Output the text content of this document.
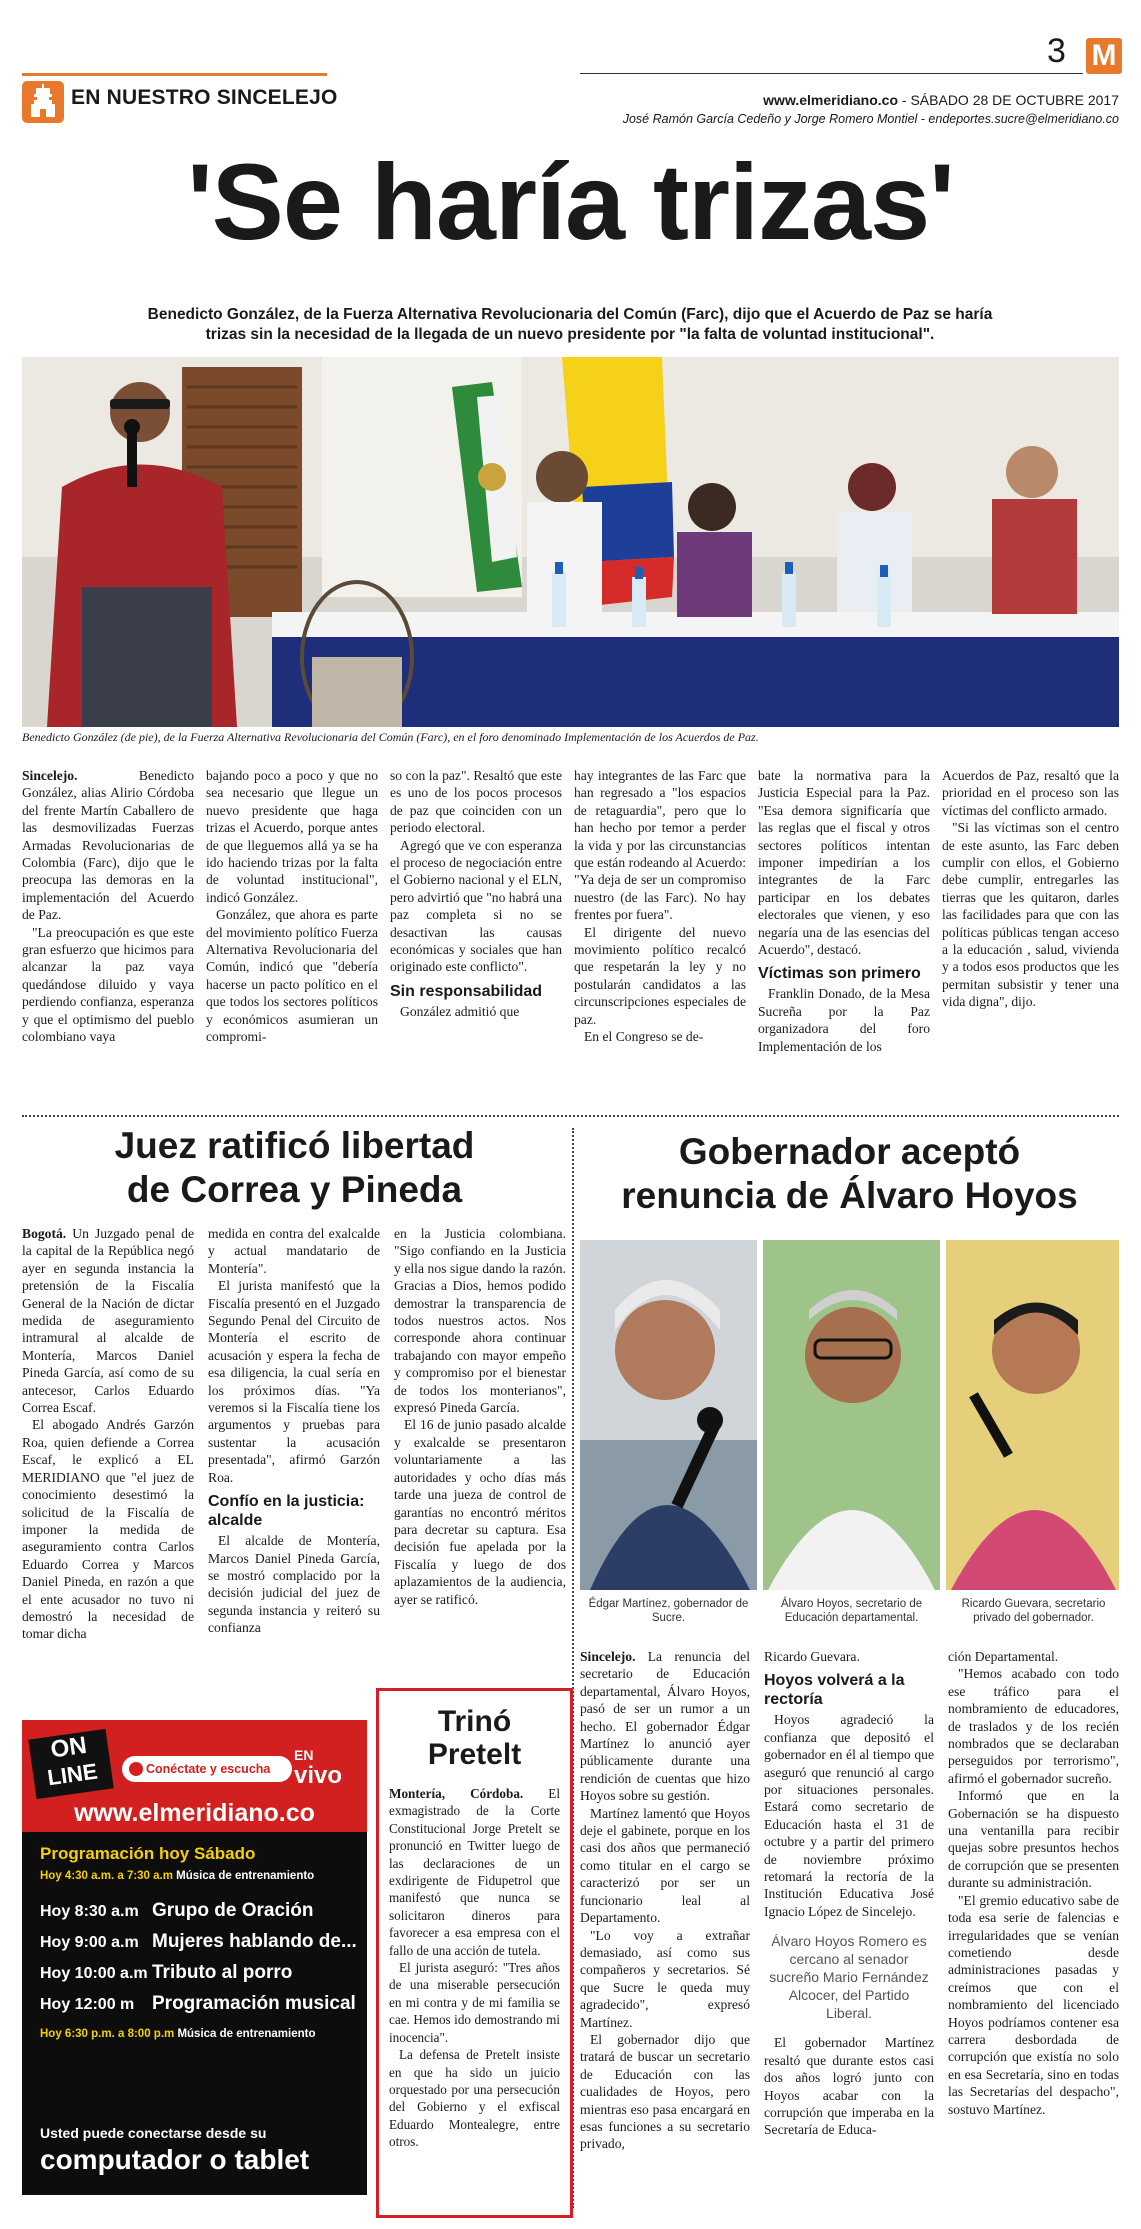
EN NUESTRO SINCELEJO
3 M
www.elmeridiano.co - SÁBADO 28 DE OCTUBRE 2017
José Ramón García Cedeño y Jorge Romero Montiel - endeportes.sucre@elmeridiano.co
'Se haría trizas'
Benedicto González, de la Fuerza Alternativa Revolucionaria del Común (Farc), dijo que el Acuerdo de Paz se haría trizas sin la necesidad de la llegada de un nuevo presidente por "la falta de voluntad institucional".
Benedicto González (de pie), de la Fuerza Alternativa Revolucionaria del Común (Farc), en el foro denominado Implementación de los Acuerdos de Paz.

Sincelejo. Benedicto González, alias Alirio Córdoba del frente Martín Caballero de las desmovilizadas Fuerzas Armadas Revolucionarias de Colombia (Farc), dijo que le preocupa las demoras en la implementación del Acuerdo de Paz.

"La preocupación es que este gran esfuerzo que hicimos para alcanzar la paz vaya quedándose diluido y vaya perdiendo confianza, esperanza y que el optimismo del pueblo colombiano vaya

bajando poco a poco y que no sea necesario que llegue un nuevo presidente que haga trizas el Acuerdo, porque antes de que lleguemos allá ya se ha ido haciendo trizas por la falta de voluntad institucional", indicó González.

González, que ahora es parte del movimiento político Fuerza Alternativa Revolucionaria del Común, indicó que "debería hacerse un pacto político en el que todos los sectores políticos y económicos asumieran un compromi-

so con la paz". Resaltó que este es uno de los pocos procesos de paz que coinciden con un periodo electoral.

Agregó que ve con esperanza el proceso de negociación entre el Gobierno nacional y el ELN, pero advirtió que "no habrá una paz completa si no se desactivan las causas económicas y sociales que han originado este conflicto".

Sin responsabilidad

González admitió que

hay integrantes de las Farc que han regresado a "los espacios de retaguardia", pero que lo han hecho por temor a perder la vida y por las circunstancias que están rodeando al Acuerdo: "Ya deja de ser un compromiso nuestro (de las Farc). No hay frentes por fuera".

El dirigente del nuevo movimiento político recalcó que respetarán la ley y no postularán candidatos a las circunscripciones especiales de paz.

En el Congreso se de-

bate la normativa para la Justicia Especial para la Paz. "Esa demora significaría que las reglas que el fiscal y otros sectores políticos intentan imponer impedirían a los integrantes de la Farc participar en los debates electorales que vienen, y eso negaría una de las esencias del Acuerdo", destacó.

Víctimas son primero

Franklin Donado, de la Mesa Sucreña por la Paz organizadora del foro Implementación de los

Acuerdos de Paz, resaltó que la prioridad en el proceso son las víctimas del conflicto armado.

"Si las víctimas son el centro de este asunto, las Farc deben cumplir con ellos, el Gobierno debe cumplir, entregarles las tierras que les quitaron, darles las facilidades para que con las políticas públicas tengan acceso a la educación , salud, vivienda y a todos esos productos que les permitan subsistir y tener una vida digna", dijo.

Juez ratificó libertad
de Correa y Pineda

Bogotá. Un Juzgado penal de la capital de la República negó ayer en segunda instancia la pretensión de la Fiscalía General de la Nación de dictar medida de aseguramiento intramural al alcalde de Montería, Marcos Daniel Pineda García, así como de su antecesor, Carlos Eduardo Correa Escaf.

El abogado Andrés Garzón Roa, quien defiende a Correa Escaf, le explicó a EL MERIDIANO que "el juez de conocimiento desestimó la solicitud de la Fiscalía de imponer la medida de aseguramiento contra Carlos Eduardo Correa y Marcos Daniel Pineda, en razón a que el ente acusador no tuvo ni demostró la necesidad de tomar dicha

medida en contra del exalcalde y actual mandatario de Montería".

El jurista manifestó que la Fiscalía presentó en el Juzgado Segundo Penal del Circuito de Montería el escrito de acusación y espera la fecha de esa diligencia, la cual sería en los próximos días. "Ya veremos si la Fiscalía tiene los argumentos y pruebas para sustentar la acusación presentada", afirmó Garzón Roa.

Confío en la justicia: alcalde

El alcalde de Montería, Marcos Daniel Pineda García, se mostró complacido por la decisión judicial del juez de segunda instancia y reiteró su confianza

en la Justicia colombiana. "Sigo confiando en la Justicia y ella nos sigue dando la razón. Gracias a Dios, hemos podido demostrar la transparencia de todos nuestros actos. Nos corresponde ahora continuar trabajando con mayor empeño y compromiso por el bienestar de todos los monterianos", expresó Pineda García.

El 16 de junio pasado alcalde y exalcalde se presentaron voluntariamente a las autoridades y ocho días más tarde una jueza de control de garantías no encontró méritos para decretar su captura. Esa decisión fue apelada por la Fiscalía y luego de dos aplazamientos de la audiencia, ayer se ratificó.

ON
LINE	Conéctate y escucha
EN
vivo
www.elmeridiano.co
Programación hoy Sábado
Hoy 4:30 a.m. a 7:30 a.m Música de entrenamiento
Hoy 8:30 a.m Grupo de Oración
Hoy 9:00 a.m Mujeres hablando de...
Hoy 10:00 a.m Tributo al porro
Hoy 12:00 m Programación musical
Hoy 6:30 p.m. a 8:00 p.m Música de entrenamiento
Usted puede conectarse desde su
computador o tablet
Trinó
Pretelt

Montería, Córdoba. El exmagistrado de la Corte Constitucional Jorge Pretelt se pronunció en Twitter luego de las declaraciones de un exdirigente de Fidupetrol que manifestó que nunca se solicitaron dineros para favorecer a esa empresa con el fallo de una acción de tutela.

El jurista aseguró: "Tres años de una miserable persecución en mi contra y de mi familia se cae. Hemos ido demostrando mi inocencia".

La defensa de Pretelt insiste en que ha sido un juicio orquestado por una persecución del Gobierno y el exfiscal Eduardo Montealegre, entre otros.

Gobernador aceptó
renuncia de Álvaro Hoyos
Édgar Martínez, gobernador de Sucre.
Álvaro Hoyos, secretario de Educación departamental.
Ricardo Guevara, secretario privado del gobernador.

Sincelejo. La renuncia del secretario de Educación departamental, Álvaro Hoyos, pasó de ser un rumor a un hecho. El gobernador Édgar Martínez lo anunció ayer públicamente durante una rendición de cuentas que hizo Hoyos sobre su gestión.

Martínez lamentó que Hoyos deje el gabinete, porque en los casi dos años que permaneció como titular en el cargo se caracterizó por ser un funcionario leal al Departamento.

"Lo voy a extrañar demasiado, así como sus compañeros y secretarios. Sé que Sucre le queda muy agradecido", expresó Martínez.

El gobernador dijo que tratará de buscar un secretario de Educación con las cualidades de Hoyos, pero mientras eso pasa encargará en esas funciones a su secretario privado,

Ricardo Guevara.

Hoyos volverá a la rectoría

Hoyos agradeció la confianza que depositó el gobernador en él al tiempo que aseguró que renunció al cargo por situaciones personales. Estará como secretario de Educación hasta el 31 de octubre y a partir del primero de noviembre próximo retomará la rectoría de la Institución Educativa José Ignacio López de Sincelejo.

Álvaro Hoyos Romero es cercano al senador sucreño Mario Fernández Alcocer, del Partido Liberal.

El gobernador Martínez resaltó que durante estos casi dos años logró junto con Hoyos acabar con la corrupción que imperaba en la Secretaría de Educa-

ción Departamental.

"Hemos acabado con todo ese tráfico para el nombramiento de educadores, de traslados y de los recién nombrados que se declaraban perseguidos por terrorismo", afirmó el gobernador sucreño.

Informó que en la Gobernación se ha dispuesto una ventanilla para recibir quejas sobre presuntos hechos de corrupción que se presenten durante su administración.

"El gremio educativo sabe de toda esa serie de falencias e irregularidades que se venían cometiendo desde administraciones pasadas y creímos que con el nombramiento del licenciado Hoyos podríamos contener esa carrera desbordada de corrupción que existía no solo en esa Secretaría, sino en todas las Secretarías del despacho", sostuvo Martínez.
